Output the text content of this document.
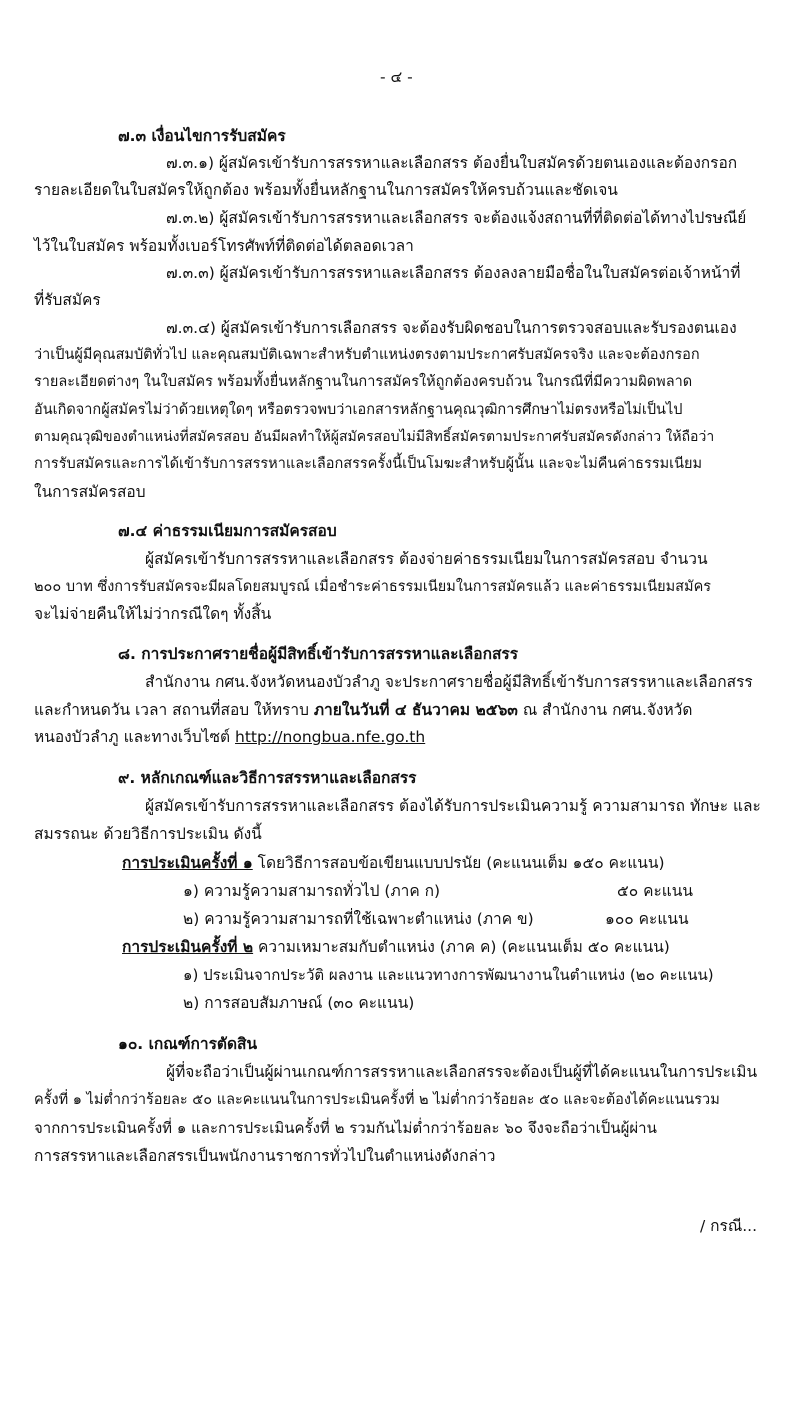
- ๔ -
๗.๓ เงื่อนไขการรับสมัคร
๗.๓.๑) ผู้สมัครเข้ารับการสรรหาและเลือกสรร ต้องยื่นใบสมัครด้วยตนเองและต้องกรอก
รายละเอียดในใบสมัครให้ถูกต้อง พร้อมทั้งยื่นหลักฐานในการสมัครให้ครบถ้วนและชัดเจน
๗.๓.๒) ผู้สมัครเข้ารับการสรรหาและเลือกสรร จะต้องแจ้งสถานที่ที่ติดต่อได้ทางไปรษณีย์
ไว้ในใบสมัคร พร้อมทั้งเบอร์โทรศัพท์ที่ติดต่อได้ตลอดเวลา
๗.๓.๓) ผู้สมัครเข้ารับการสรรหาและเลือกสรร ต้องลงลายมือชื่อในใบสมัครต่อเจ้าหน้าที่
ที่รับสมัคร
๗.๓.๔) ผู้สมัครเข้ารับการเลือกสรร จะต้องรับผิดชอบในการตรวจสอบและรับรองตนเอง
ว่าเป็นผู้มีคุณสมบัติทั่วไป และคุณสมบัติเฉพาะสำหรับตำแหน่งตรงตามประกาศรับสมัครจริง และจะต้องกรอก
รายละเอียดต่างๆ ในใบสมัคร พร้อมทั้งยื่นหลักฐานในการสมัครให้ถูกต้องครบถ้วน ในกรณีที่มีความผิดพลาด
อันเกิดจากผู้สมัครไม่ว่าด้วยเหตุใดๆ หรือตรวจพบว่าเอกสารหลักฐานคุณวุฒิการศึกษาไม่ตรงหรือไม่เป็นไป
ตามคุณวุฒิของตำแหน่งที่สมัครสอบ อันมีผลทำให้ผู้สมัครสอบไม่มีสิทธิ์สมัครตามประกาศรับสมัครดังกล่าว ให้ถือว่า
การรับสมัครและการได้เข้ารับการสรรหาและเลือกสรรครั้งนี้เป็นโมฆะสำหรับผู้นั้น และจะไม่คืนค่าธรรมเนียม
ในการสมัครสอบ
๗.๔ ค่าธรรมเนียมการสมัครสอบ
ผู้สมัครเข้ารับการสรรหาและเลือกสรร ต้องจ่ายค่าธรรมเนียมในการสมัครสอบ จำนวน
๒๐๐ บาท ซึ่งการรับสมัครจะมีผลโดยสมบูรณ์ เมื่อชำระค่าธรรมเนียมในการสมัครแล้ว และค่าธรรมเนียมสมัคร
จะไม่จ่ายคืนให้ไม่ว่ากรณีใดๆ ทั้งสิ้น
๘. การประกาศรายชื่อผู้มีสิทธิ์เข้ารับการสรรหาและเลือกสรร
สำนักงาน กศน.จังหวัดหนองบัวลำภู จะประกาศรายชื่อผู้มีสิทธิ์เข้ารับการสรรหาและเลือกสรร
และกำหนดวัน เวลา สถานที่สอบ ให้ทราบ ภายในวันที่ ๔ ธันวาคม ๒๕๖๓ ณ สำนักงาน กศน.จังหวัด
หนองบัวลำภู และทางเว็บไซต์ http://nongbua.nfe.go.th
๙. หลักเกณฑ์และวิธีการสรรหาและเลือกสรร
ผู้สมัครเข้ารับการสรรหาและเลือกสรร ต้องได้รับการประเมินความรู้ ความสามารถ ทักษะ และ
สมรรถนะ ด้วยวิธีการประเมิน ดังนี้
การประเมินครั้งที่ ๑ โดยวิธีการสอบข้อเขียนแบบปรนัย (คะแนนเต็ม ๑๕๐ คะแนน)
๑) ความรู้ความสามารถทั่วไป (ภาค ก)	๕๐ คะแนน
๒) ความรู้ความสามารถที่ใช้เฉพาะตำแหน่ง (ภาค ข)	๑๐๐ คะแนน
การประเมินครั้งที่ ๒ ความเหมาะสมกับตำแหน่ง (ภาค ค) (คะแนนเต็ม ๕๐ คะแนน)
๑) ประเมินจากประวัติ ผลงาน และแนวทางการพัฒนางานในตำแหน่ง (๒๐ คะแนน)
๒) การสอบสัมภาษณ์ (๓๐ คะแนน)
๑๐. เกณฑ์การตัดสิน
ผู้ที่จะถือว่าเป็นผู้ผ่านเกณฑ์การสรรหาและเลือกสรรจะต้องเป็นผู้ที่ได้คะแนนในการประเมิน
ครั้งที่ ๑ ไม่ต่ำกว่าร้อยละ ๕๐ และคะแนนในการประเมินครั้งที่ ๒ ไม่ต่ำกว่าร้อยละ ๕๐ และจะต้องได้คะแนนรวม
จากการประเมินครั้งที่ ๑ และการประเมินครั้งที่ ๒ รวมกันไม่ต่ำกว่าร้อยละ ๖๐ จึงจะถือว่าเป็นผู้ผ่าน
การสรรหาและเลือกสรรเป็นพนักงานราชการทั่วไปในตำแหน่งดังกล่าว
/ กรณี...
